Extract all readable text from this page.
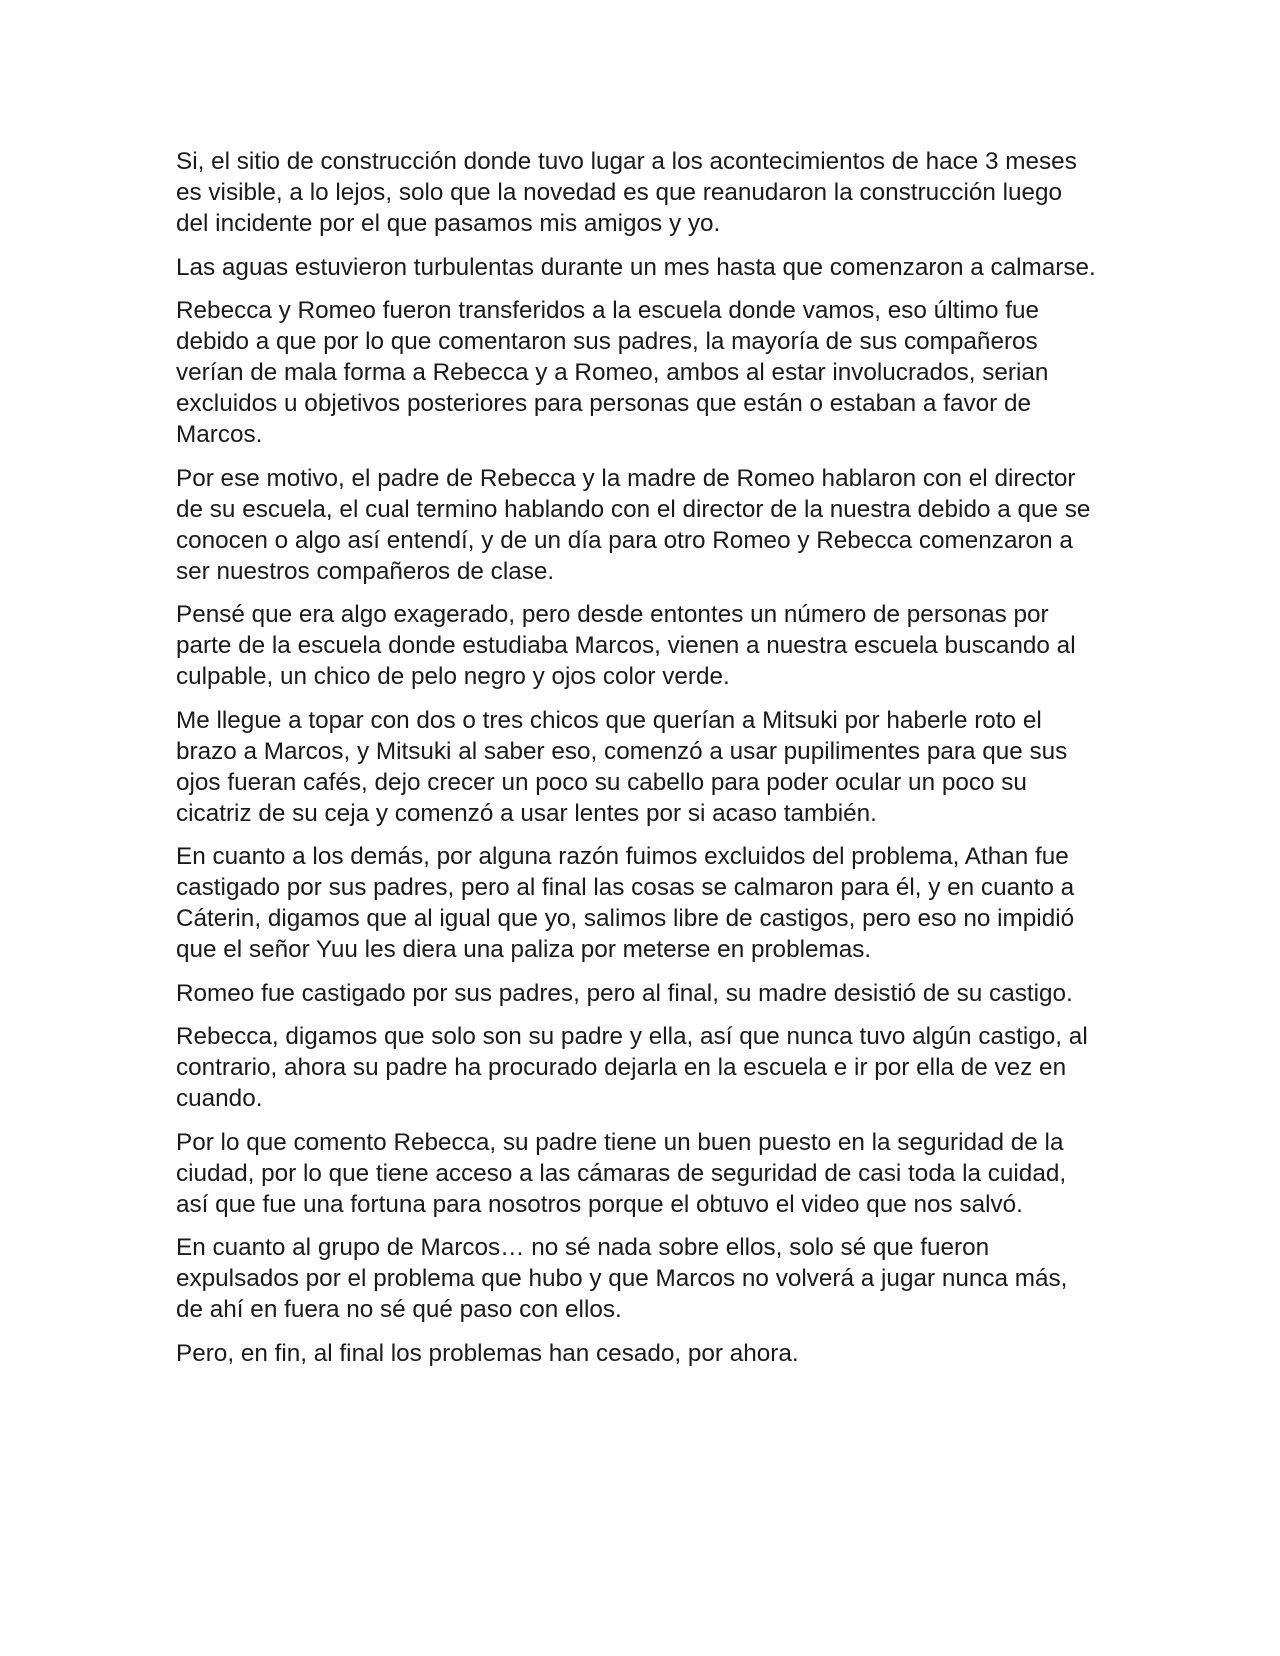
Si, el sitio de construcción donde tuvo lugar a los acontecimientos de hace 3 meses es visible, a lo lejos, solo que la novedad es que reanudaron la construcción luego del incidente por el que pasamos mis amigos y yo.

Las aguas estuvieron turbulentas durante un mes hasta que comenzaron a calmarse.

Rebecca y Romeo fueron transferidos a la escuela donde vamos, eso último fue debido a que por lo que comentaron sus padres, la mayoría de sus compañeros verían de mala forma a Rebecca y a Romeo, ambos al estar involucrados, serian excluidos u objetivos posteriores para personas que están o estaban a favor de Marcos.

Por ese motivo, el padre de Rebecca y la madre de Romeo hablaron con el director de su escuela, el cual termino hablando con el director de la nuestra debido a que se conocen o algo así entendí, y de un día para otro Romeo y Rebecca comenzaron a ser nuestros compañeros de clase.

Pensé que era algo exagerado, pero desde entontes un número de personas por parte de la escuela donde estudiaba Marcos, vienen a nuestra escuela buscando al culpable, un chico de pelo negro y ojos color verde.

Me llegue a topar con dos o tres chicos que querían a Mitsuki por haberle roto el brazo a Marcos, y Mitsuki al saber eso, comenzó a usar pupilimentes para que sus ojos fueran cafés, dejo crecer un poco su cabello para poder ocular un poco su cicatriz de su ceja y comenzó a usar lentes por si acaso también.

En cuanto a los demás, por alguna razón fuimos excluidos del problema, Athan fue castigado por sus padres, pero al final las cosas se calmaron para él, y en cuanto a Cáterin, digamos que al igual que yo, salimos libre de castigos, pero eso no impidió que el señor Yuu les diera una paliza por meterse en problemas.

Romeo fue castigado por sus padres, pero al final, su madre desistió de su castigo.

Rebecca, digamos que solo son su padre y ella, así que nunca tuvo algún castigo, al contrario, ahora su padre ha procurado dejarla en la escuela e ir por ella de vez en cuando.

Por lo que comento Rebecca, su padre tiene un buen puesto en la seguridad de la ciudad, por lo que tiene acceso a las cámaras de seguridad de casi toda la cuidad, así que fue una fortuna para nosotros porque el obtuvo el video que nos salvó.

En cuanto al grupo de Marcos… no sé nada sobre ellos, solo sé que fueron expulsados por el problema que hubo y que Marcos no volverá a jugar nunca más, de ahí en fuera no sé qué paso con ellos.

Pero, en fin, al final los problemas han cesado, por ahora.
